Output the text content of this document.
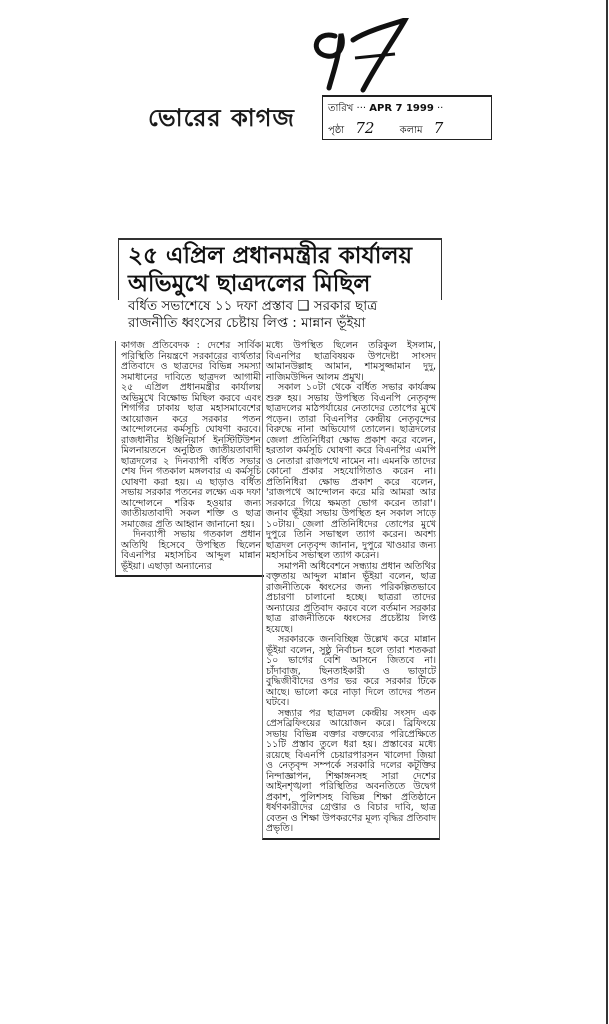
ভোরের কাগজ	তারিখ ··· APR 7 1999 ··
পৃষ্ঠা 72	কলাম 7
২৫ এপ্রিল প্রধানমন্ত্রীর কার্যালয়
অভিমুখে ছাত্রদলের মিছিল
বর্ধিত সভাশেষে ১১ দফা প্রস্তাব ❑ সরকার ছাত্র
রাজনীতি ধ্বংসের চেষ্টায় লিপ্ত : মান্নান ভূঁইয়া

কাগজ প্রতিবেদক : দেশের সার্বিক পরিস্থিতি নিয়ন্ত্রণে সরকারের ব্যর্থতার প্রতিবাদে ও ছাত্রদের বিভিন্ন সমস্যা সমাধানের দাবিতে ছাত্রদল আগামী ২৫ এপ্রিল প্রধানমন্ত্রীর কার্যালয় অভিমুখে বিক্ষোভ মিছিল করবে এবং শিগগির ঢাকায় ছাত্র মহাসমাবেশের আয়োজন করে সরকার পতন আন্দোলনের কর্মসূচি ঘোষণা করবে। রাজধানীর ইঞ্জিনিয়ার্স ইনস্টিটিউশন মিলনায়তনে অনুষ্ঠিত জাতীয়তাবাদী ছাত্রদলের ২ দিনব্যাপী বর্ধিত সভার শেষ দিন গতকাল মঙ্গলবার এ কর্মসূচি ঘোষণা করা হয়। এ ছাড়াও বর্ধিত সভায় সরকার পতনের লক্ষ্যে এক দফা আন্দোলনে শরিক হওয়ার জন্য জাতীয়তাবাদী সকল শক্তি ও ছাত্র সমাজের প্রতি আহ্বান জানানো হয়।

দিনব্যাপী সভায় গতকাল প্রধান অতিথি হিসেবে উপস্থিত ছিলেন বিএনপির মহাসচিব আব্দুল মান্নান ভূঁইয়া। এছাড়া অন্যান্যের

মধ্যে উপস্থিত ছিলেন তরিকুল ইসলাম, বিএনপির ছাত্রবিষয়ক উপদেষ্টা সাংসদ আমানউল্লাহ আমান, শামসুজ্জামান দুদু, নাজিমউদ্দিন আলম প্রমুখ।

সকাল ১০টা থেকে বর্ধিত সভার কার্যক্রম শুরু হয়। সভায় উপস্থিত বিএনপি নেতৃবৃন্দ ছাত্রদলের মাঠপর্যায়ের নেতাদের তোপের মুখে পড়েন। তারা বিএনপির কেন্দ্রীয় নেতৃবৃন্দের বিরুদ্ধে নানা অভিযোগ তোলেন। ছাত্রদলের জেলা প্রতিনিধিরা ক্ষোভ প্রকাশ করে বলেন, হরতাল কর্মসূচি ঘোষণা করে বিএনপির এমপি ও নেতারা রাজপথে নামেন না। এমনকি তাদের কোনো প্রকার সহযোগিতাও করেন না। প্রতিনিধিরা ক্ষোভ প্রকাশ করে বলেন, 'রাজপথে আন্দোলন করে মরি আমরা আর সরকারে গিয়ে ক্ষমতা ভোগ করেন তারা'। জনাব ভূঁইয়া সভায় উপস্থিত হন সকাল সাড়ে ১০টায়। জেলা প্রতিনিধিদের তোপের মুখে দুপুরে তিনি সভাস্থল ত্যাগ করেন। অবশ্য ছাত্রদল নেতৃবৃন্দ জানান, দুপুরে খাওয়ার জন্য মহাসচিব সভাস্থল ত্যাগ করেন।

সমাপনী অধিবেশনে সন্ধ্যায় প্রধান অতিথির বক্তৃতায় আব্দুল মান্নান ভূঁইয়া বলেন, ছাত্র রাজনীতিকে ধ্বংসের জন্য পরিকল্পিতভাবে প্রচারণা চালানো হচ্ছে। ছাত্ররা তাদের অন্যায়ের প্রতিবাদ করবে বলে বর্তমান সরকার ছাত্র রাজনীতিকে ধ্বংসের প্রচেষ্টায় লিপ্ত হয়েছে।

সরকারকে জনবিচ্ছিন্ন উল্লেখ করে মান্নান ভূঁইয়া বলেন, সুষ্ঠু নির্বাচন হলে তারা শতকরা ১০ ভাগের বেশি আসনে জিতবে না। চাঁদাবাজ, ছিনতাইকারী ও ভাড়াটে বুদ্ধিজীবীদের ওপর ভর করে সরকার টিকে আছে। ভালো করে নাড়া দিলে তাদের পতন ঘটবে।

সন্ধ্যার পর ছাত্রদল কেন্দ্রীয় সংসদ এক প্রেসব্রিফিংয়ের আয়োজন করে। ব্রিফিংয়ে সভায় বিভিন্ন বক্তার বক্তব্যের পরিপ্রেক্ষিতে ১১টি প্রস্তাব তুলে ধরা হয়। প্রস্তাবের মধ্যে রয়েছে বিএনপি চেয়ারপারসন খালেদা জিয়া ও নেতৃবৃন্দ সম্পর্কে সরকারি দলের কটূক্তির নিন্দাজ্ঞাপন, শিক্ষাঙ্গনসহ সারা দেশের আইনশৃঙ্খলা পরিস্থিতির অবনতিতে উদ্বেগ প্রকাশ, পুলিশসহ বিভিন্ন শিক্ষা প্রতিষ্ঠানে ধর্ষণকারীদের গ্রেপ্তার ও বিচার দাবি, ছাত্র বেতন ও শিক্ষা উপকরণের মূল্য বৃদ্ধির প্রতিবাদ প্রভৃতি।
